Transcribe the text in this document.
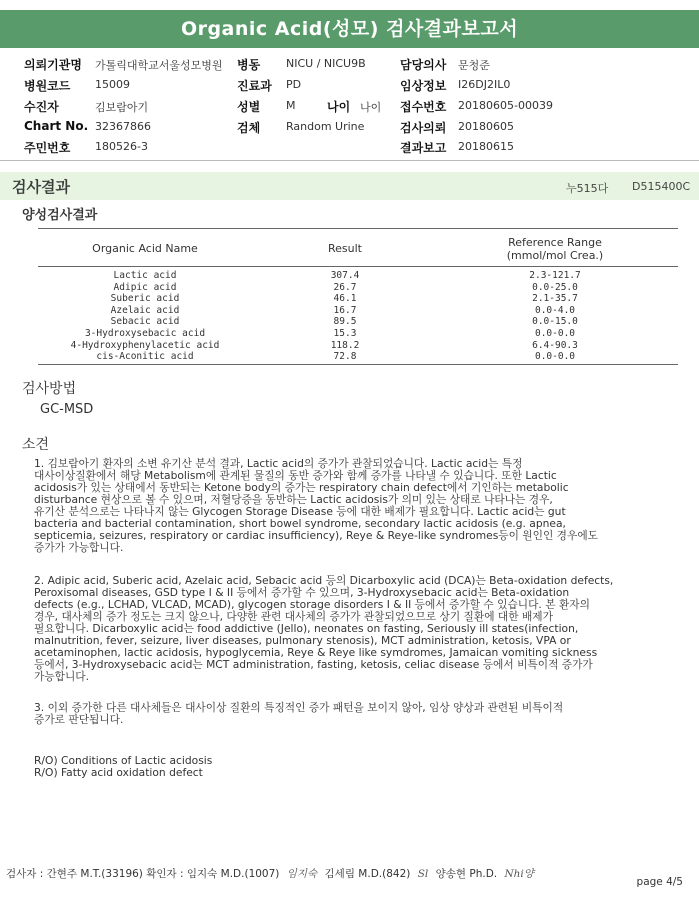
Organic Acid(성모) 검사결과보고서
의뢰기관명 가톨릭대학교서울성모병원 병동 NICU / NICU9B	담당의사 문청준
병원코드 15009	진료과 PD	임상정보 I26DJ2IL0
수진자	김보람아기	성별 M	나이 나이 접수번호 20180605-00039
Chart No. 32367866	검체 Random Urine	검사의뢰 20180605
주민번호 180526-3	결과보고 20180615
검사결과	누515다 D515400C
양성검사결과
Organic Acid Name	Result	Reference Range
(mmol/mol Crea.)
Lactic acid	307.4	2.3-121.7
Adipic acid	26.7	0.0-25.0
Suberic acid	46.1	2.1-35.7
Azelaic acid	16.7	0.0-4.0
Sebacic acid	89.5	0.0-15.0
3-Hydroxysebacic acid	15.3	0.0-0.0
4-Hydroxyphenylacetic acid	118.2	6.4-90.3
cis-Aconitic acid	72.8	0.0-0.0
검사방법
GC-MSD
소견
1. 김보람아기 환자의 소변 유기산 분석 결과, Lactic acid의 증가가 관찰되었습니다. Lactic acid는 특정
대사이상질환에서 해당 Metabolism에 관계된 물질의 동반 증가와 함께 증가를 나타낼 수 있습니다. 또한 Lactic
acidosis가 있는 상태에서 동반되는 Ketone body의 증가는 respiratory chain defect에서 기인하는 metabolic
disturbance 현상으로 볼 수 있으며, 저혈당증을 동반하는 Lactic acidosis가 의미 있는 상태로 나타나는 경우,
유기산 분석으로는 나타나지 않는 Glycogen Storage Disease 등에 대한 배제가 필요합니다. Lactic acid는 gut
bacteria and bacterial contamination, short bowel syndrome, secondary lactic acidosis (e.g. apnea,
septicemia, seizures, respiratory or cardiac insufficiency), Reye & Reye-like syndromes등이 원인인 경우에도
증가가 가능합니다.
2. Adipic acid, Suberic acid, Azelaic acid, Sebacic acid 등의 Dicarboxylic acid (DCA)는 Beta-oxidation defects,
Peroxisomal diseases, GSD type I & II 등에서 증가할 수 있으며, 3-Hydroxysebacic acid는 Beta-oxidation
defects (e.g., LCHAD, VLCAD, MCAD), glycogen storage disorders I & II 등에서 증가할 수 있습니다. 본 환자의
경우, 대사체의 증가 정도는 크지 않으나, 다양한 관련 대사체의 증가가 관찰되었으므로 상기 질환에 대한 배제가
필요합니다. Dicarboxylic acid는 food addictive (Jello), neonates on fasting, Seriously ill states(infection,
malnutrition, fever, seizure, liver diseases, pulmonary stenosis), MCT administration, ketosis, VPA or
acetaminophen, lactic acidosis, hypoglycemia, Reye & Reye like symdromes, Jamaican vomiting sickness
등에서, 3-Hydroxysebacic acid는 MCT administration, fasting, ketosis, celiac disease 등에서 비특이적 증가가
가능합니다.
3. 이외 증가한 다른 대사체들은 대사이상 질환의 특징적인 증가 패턴을 보이지 않아, 임상 양상과 관련된 비특이적
증가로 판단됩니다.
R/O) Conditions of Lactic acidosis
R/O) Fatty acid oxidation defect
검사자 : 간현주 M.T.(33196) 확인자 : 임지숙 M.D.(1007) 임지숙 김세림 M.D.(842) Sl 양송현 Ph.D. Nhi양
page 4/5
